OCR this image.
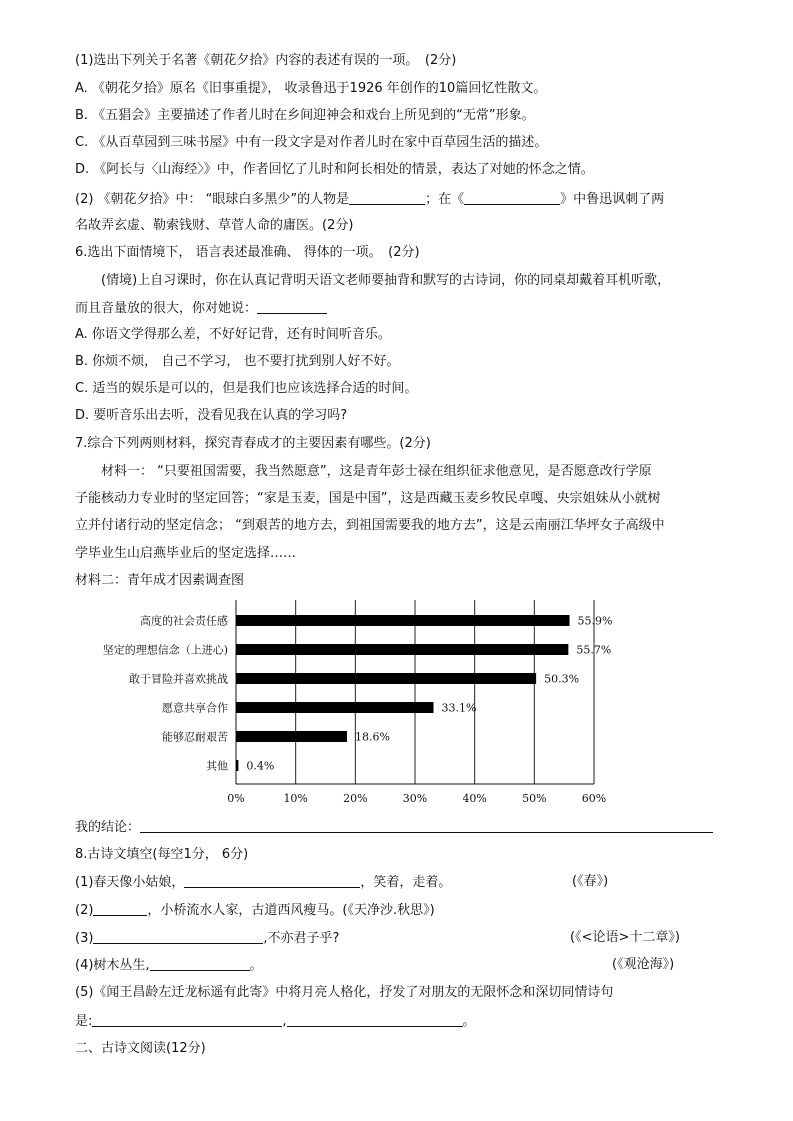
(1)选出下列关于名著《朝花夕拾》内容的表述有误的一项。　(2分)
A. 《朝花夕拾》原名《旧事重提》， 收录鲁迅于1926 年创作的10篇回忆性散文。
B. 《五猖会》主要描述了作者儿时在乡间迎神会和戏台上所见到的“无常”形象。
C. 《从百草园到三味书屋》中有一段文字是对作者儿时在家中百草园生活的描述。
D. 《阿长与〈山海经〉》中，作者回忆了儿时和阿长相处的情景，表达了对她的怀念之情。
(2) 《朝花夕拾》中： “眼球白多黑少”的人物是	；在《	》中鲁迅讽刺了两
名故弄玄虚、勒索钱财、草菅人命的庸医。(2分)
6.选出下面情境下， 语言表述最准确、 得体的一项。　(2分)
(情境)上自习课时，你在认真记背明天语文老师要抽背和默写的古诗词，你的同桌却戴着耳机听歌，
而且音量放的很大，你对她说：
A. 你语文学得那么差，不好好记背，还有时间听音乐。
B. 你烦不烦， 自己不学习， 也不要打扰到别人好不好。
C. 适当的娱乐是可以的，但是我们也应该选择合适的时间。
D. 要听音乐出去听，没看见我在认真的学习吗?
7.综合下列两则材料，探究青春成才的主要因素有哪些。(2分)
材料一： “只要祖国需要，我当然愿意”，这是青年彭士禄在组织征求他意见，是否愿意改行学原
子能核动力专业时的坚定回答；“家是玉麦，国是中国”，这是西藏玉麦乡牧民卓嘎、央宗姐妹从小就树
立并付诸行动的坚定信念； “到艰苦的地方去，到祖国需要我的地方去”，这是云南丽江华坪女子高级中
学毕业生山启燕毕业后的坚定选择……
材料二：青年成才因素调查图
高度的社会责任感	55.9%
坚定的理想信念（上进心)	55.7%
敢于冒险并喜欢挑战	50.3%
愿意共享合作	33.1%
能够忍耐艰苦	18.6%
其他 0.4%
0%	10%	20%	30%	40%	50%	60%
我的结论：
8.古诗文填空(每空1分， 6分)
(1)春天像小姑娘，	，笑着，走着。	(《春》)
(2)	，小桥流水人家，古道西风瘦马。(《天净沙.秋思》)
(3)	,不亦君子乎?	(《<论语>十二章》)
(4)树木丛生,	。	(《观沧海》)
(5)《闻王昌龄左迁龙标遥有此寄》中将月亮人格化，抒发了对朋友的无限怀念和深切同情诗句
是:	,	。
二、古诗文阅读(12分)
